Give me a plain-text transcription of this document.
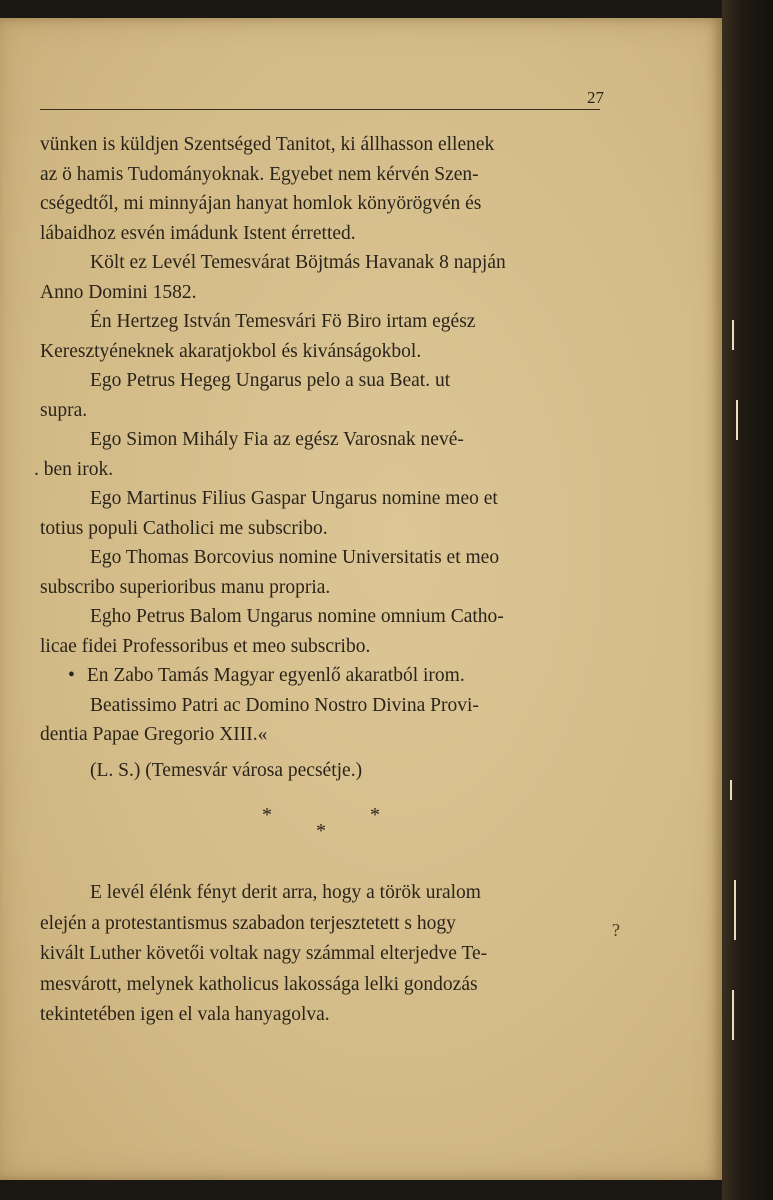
27
vünken is küldjen Szentséged Tanitot, ki állhasson ellenek
az ö hamis Tudományoknak. Egyebet nem kérvén Szen-
cségedtől, mi minnyájan hanyat homlok könyörögvén és
lábaidhoz esvén imádunk Istent érretted.
Költ ez Levél Temesvárat Böjtmás Havanak 8 napján
Anno Domini 1582.
Én Hertzeg István Temesvári Fö Biro irtam egész
Keresztyéneknek akaratjokbol és kivánságokbol.
Ego Petrus Hegeg Ungarus pelo a sua Beat. ut
supra.
Ego Simon Mihály Fia az egész Varosnak nevé-
. ben irok.
Ego Martinus Filius Gaspar Ungarus nomine meo et
totius populi Catholici me subscribo.
Ego Thomas Borcovius nomine Universitatis et meo
subscribo superioribus manu propria.
Egho Petrus Balom Ungarus nomine omnium Catho-
licae fidei Professoribus et meo subscribo.
• En Zabo Tamás Magyar egyenlő akaratból irom.
Beatissimo Patri ac Domino Nostro Divina Provi-
dentia Papae Gregorio XIII.«
(L. S.) (Temesvár városa pecsétje.)
*	*
*
E levél élénk fényt derit arra, hogy a török uralom
elején a protestantismus szabadon terjesztetett s hogy
kivált Luther követői voltak nagy számmal elterjedve Te-
mesvárott, melynek katholicus lakossága lelki gondozás
tekintetében igen el vala hanyagolva.
?
